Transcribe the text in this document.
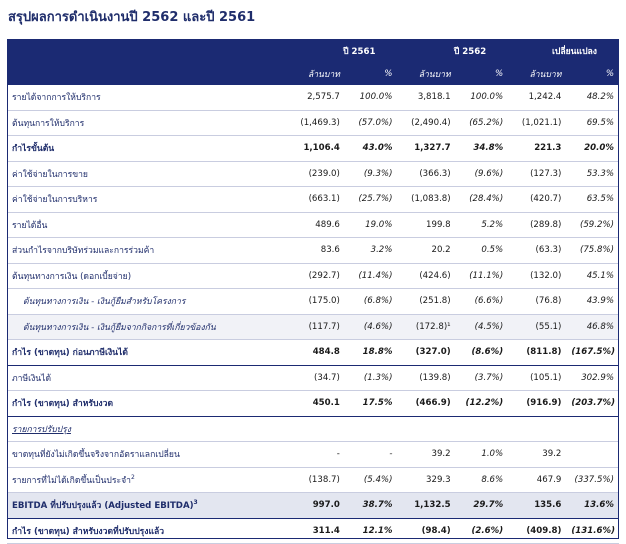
สรุปผลการดำเนินงานปี 2562 และปี 2561
	ปี 2561		ปี 2562		เปลี่ยนแปลง	
	ล้านบาท	%	ล้านบาท	%	ล้านบาท	%
รายได้จากการให้บริการ	2,575.7	100.0%	3,818.1	100.0%	1,242.4	48.2%
ต้นทุนการให้บริการ	(1,469.3)	(57.0%)	(2,490.4)	(65.2%)	(1,021.1)	69.5%
กำไรขั้นต้น	1,106.4	43.0%	1,327.7	34.8%	221.3	20.0%
ค่าใช้จ่ายในการขาย	(239.0)	(9.3%)	(366.3)	(9.6%)	(127.3)	53.3%
ค่าใช้จ่ายในการบริหาร	(663.1)	(25.7%)	(1,083.8)	(28.4%)	(420.7)	63.5%
รายได้อื่น	489.6	19.0%	199.8	5.2%	(289.8)	(59.2%)
ส่วนกำไรจากบริษัทร่วมและการร่วมค้า	83.6	3.2%	20.2	0.5%	(63.3)	(75.8%)
ต้นทุนทางการเงิน (ดอกเบี้ยจ่าย)	(292.7)	(11.4%)	(424.6)	(11.1%)	(132.0)	45.1%
ต้นทุนทางการเงิน - เงินกู้ยืมสำหรับโครงการ	(175.0)	(6.8%)	(251.8)	(6.6%)	(76.8)	43.9%
ต้นทุนทางการเงิน - เงินกู้ยืมจากกิจการที่เกี่ยวข้องกัน	(117.7)	(4.6%)	(172.8)¹	(4.5%)	(55.1)	46.8%
กำไร (ขาดทุน) ก่อนภาษีเงินได้	484.8	18.8%	(327.0)	(8.6%)	(811.8)	(167.5%)
ภาษีเงินได้	(34.7)	(1.3%)	(139.8)	(3.7%)	(105.1)	302.9%
กำไร (ขาดทุน) สำหรับงวด	450.1	17.5%	(466.9)	(12.2%)	(916.9)	(203.7%)
รายการปรับปรุง						
ขาดทุนที่ยังไม่เกิดขึ้นจริงจากอัตราแลกเปลี่ยน	-	-	39.2	1.0%	39.2	
รายการที่ไม่ได้เกิดขึ้นเป็นประจำ$^2$	(138.7)	(5.4%)	329.3	8.6%	467.9	(337.5%)
EBITDA ที่ปรับปรุงแล้ว (Adjusted EBITDA)$^3$	997.0	38.7%	1,132.5	29.7%	135.6	13.6%
กำไร (ขาดทุน) สำหรับงวดที่ปรับปรุงแล้ว	311.4	12.1%	(98.4)	(2.6%)	(409.8)	(131.6%)
